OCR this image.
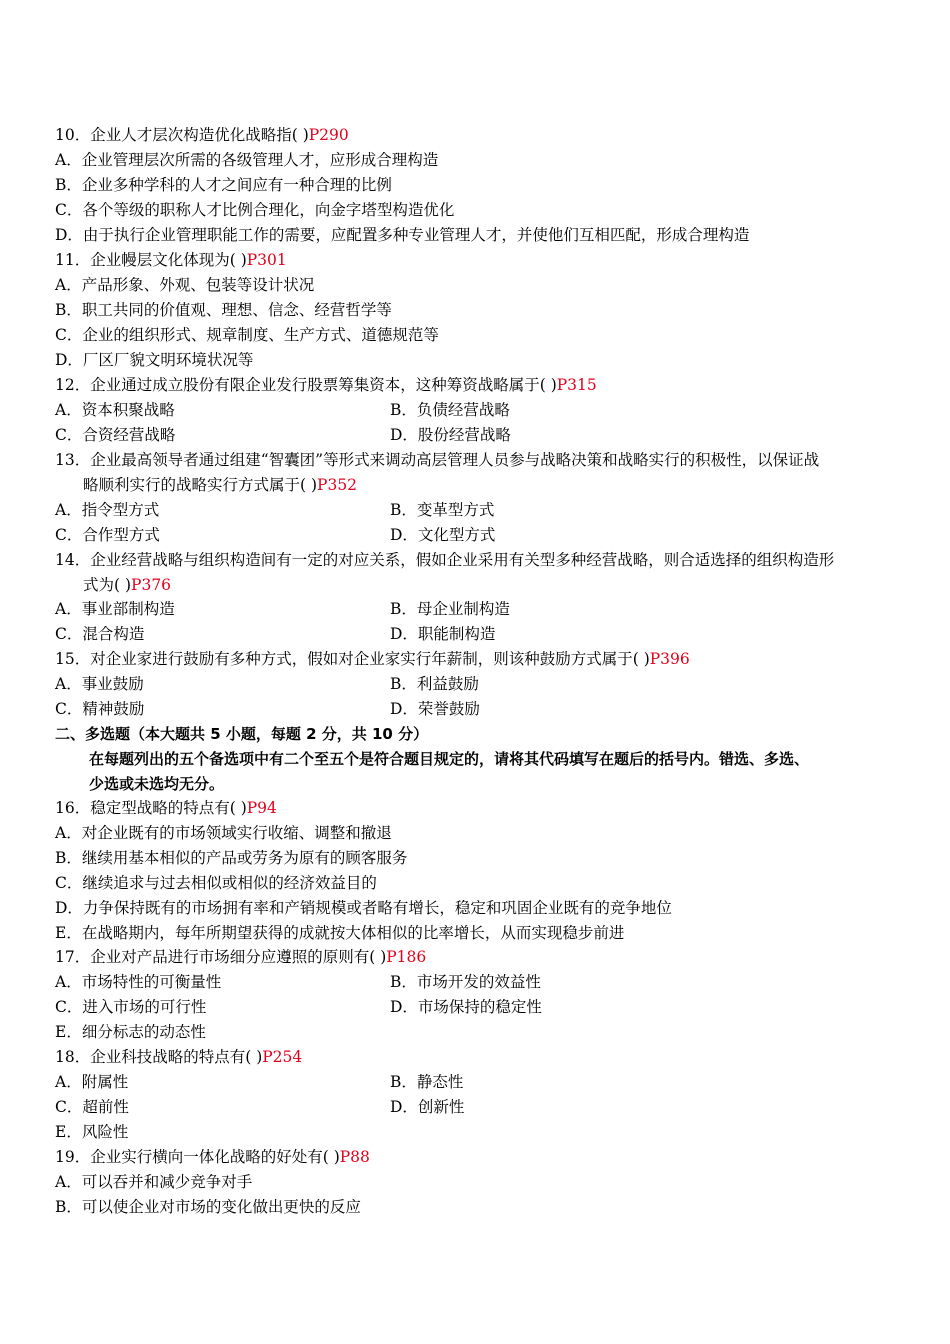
10．企业人才层次构造优化战略指( )P290
A．企业管理层次所需的各级管理人才，应形成合理构造
B．企业多种学科的人才之间应有一种合理的比例
C．各个等级的职称人才比例合理化，向金字塔型构造优化
D．由于执行企业管理职能工作的需要，应配置多种专业管理人才，并使他们互相匹配，形成合理构造
11．企业幔层文化体现为( )P301
A．产品形象、外观、包装等设计状况
B．职工共同的价值观、理想、信念、经营哲学等
C．企业的组织形式、规章制度、生产方式、道德规范等
D．厂区厂貌文明环境状况等
12．企业通过成立股份有限企业发行股票筹集资本，这种筹资战略属于( )P315
A．资本积聚战略	B．负债经营战略
C．合资经营战略	D．股份经营战略
13．企业最高领导者通过组建“智囊团”等形式来调动高层管理人员参与战略决策和战略实行的积极性，以保证战
略顺利实行的战略实行方式属于( )P352
A．指令型方式	B．变革型方式
C．合作型方式	D．文化型方式
14．企业经营战略与组织构造间有一定的对应关系，假如企业采用有关型多种经营战略，则合适选择的组织构造形
式为( )P376
A．事业部制构造	B．母企业制构造
C．混合构造	D．职能制构造
15．对企业家进行鼓励有多种方式，假如对企业家实行年薪制，则该种鼓励方式属于( )P396
A．事业鼓励	B．利益鼓励
C．精神鼓励	D．荣誉鼓励
二、多选题（本大题共 5 小题，每题 2 分，共 10 分）
在每题列出的五个备选项中有二个至五个是符合题目规定的，请将其代码填写在题后的括号内。错选、多选、
少选或未选均无分。
16．稳定型战略的特点有( )P94
A．对企业既有的市场领域实行收缩、调整和撤退
B．继续用基本相似的产品或劳务为原有的顾客服务
C．继续追求与过去相似或相似的经济效益目的
D．力争保持既有的市场拥有率和产销规模或者略有增长，稳定和巩固企业既有的竞争地位
E．在战略期内，每年所期望获得的成就按大体相似的比率增长，从而实现稳步前进
17．企业对产品进行市场细分应遵照的原则有( )P186
A．市场特性的可衡量性	B．市场开发的效益性
C．进入市场的可行性	D．市场保持的稳定性
E．细分标志的动态性
18．企业科技战略的特点有( )P254
A．附属性	B．静态性
C．超前性	D．创新性
E．风险性
19．企业实行横向一体化战略的好处有( )P88
A．可以吞并和减少竞争对手
B．可以使企业对市场的变化做出更快的反应
